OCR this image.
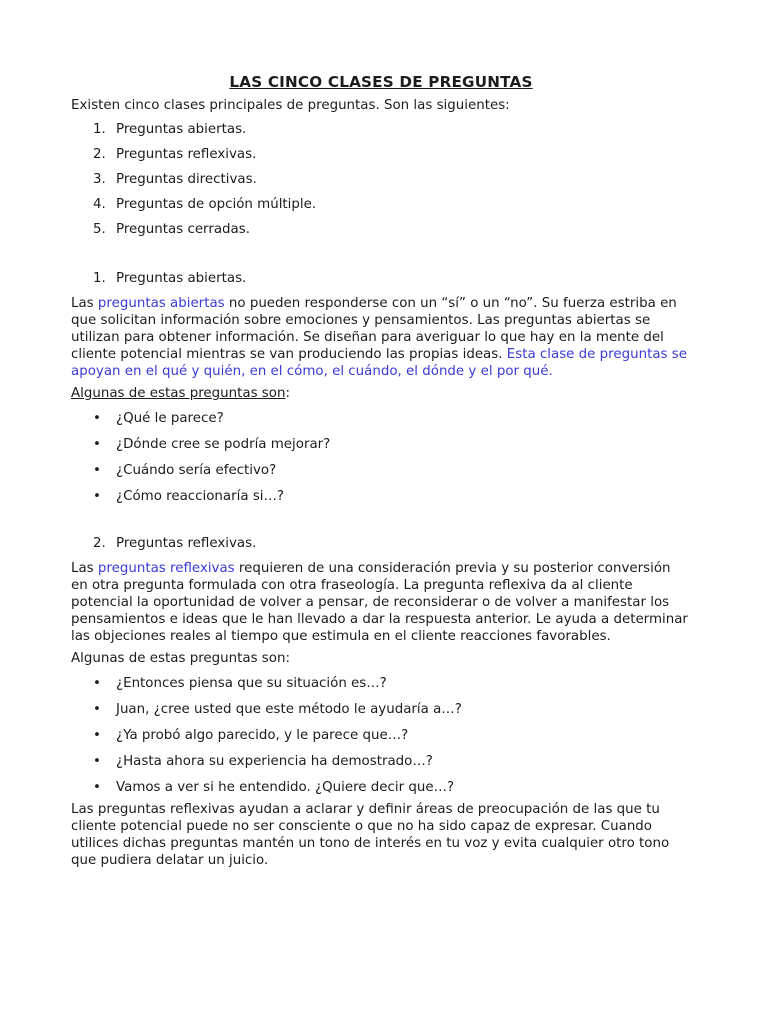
LAS CINCO CLASES DE PREGUNTAS

Existen cinco clases principales de preguntas. Son las siguientes:

1. Preguntas abiertas.
2. Preguntas reflexivas.
3. Preguntas directivas.
4. Preguntas de opción múltiple.
5. Preguntas cerradas.
1. Preguntas abiertas.

Las preguntas abiertas no pueden responderse con un “sí” o un “no”. Su fuerza estriba en que solicitan información sobre emociones y pensamientos. Las preguntas abiertas se utilizan para obtener información. Se diseñan para averiguar lo que hay en la mente del cliente potencial mientras se van produciendo las propias ideas. Esta clase de preguntas se apoyan en el qué y quién, en el cómo, el cuándo, el dónde y el por qué.

Algunas de estas preguntas son:

• ¿Qué le parece?
• ¿Dónde cree se podría mejorar?
• ¿Cuándo sería efectivo?
• ¿Cómo reaccionaría si…?
2. Preguntas reflexivas.

Las preguntas reflexivas requieren de una consideración previa y su posterior conversión en otra pregunta formulada con otra fraseología. La pregunta reflexiva da al cliente potencial la oportunidad de volver a pensar, de reconsiderar o de volver a manifestar los pensamientos e ideas que le han llevado a dar la respuesta anterior. Le ayuda a determinar las objeciones reales al tiempo que estimula en el cliente reacciones favorables.

Algunas de estas preguntas son:

• ¿Entonces piensa que su situación es…?
• Juan, ¿cree usted que este método le ayudaría a…?
• ¿Ya probó algo parecido, y le parece que…?
• ¿Hasta ahora su experiencia ha demostrado…?
• Vamos a ver si he entendido. ¿Quiere decir que…?

Las preguntas reflexivas ayudan a aclarar y definir áreas de preocupación de las que tu cliente potencial puede no ser consciente o que no ha sido capaz de expresar. Cuando utilices dichas preguntas mantén un tono de interés en tu voz y evita cualquier otro tono que pudiera delatar un juicio.
